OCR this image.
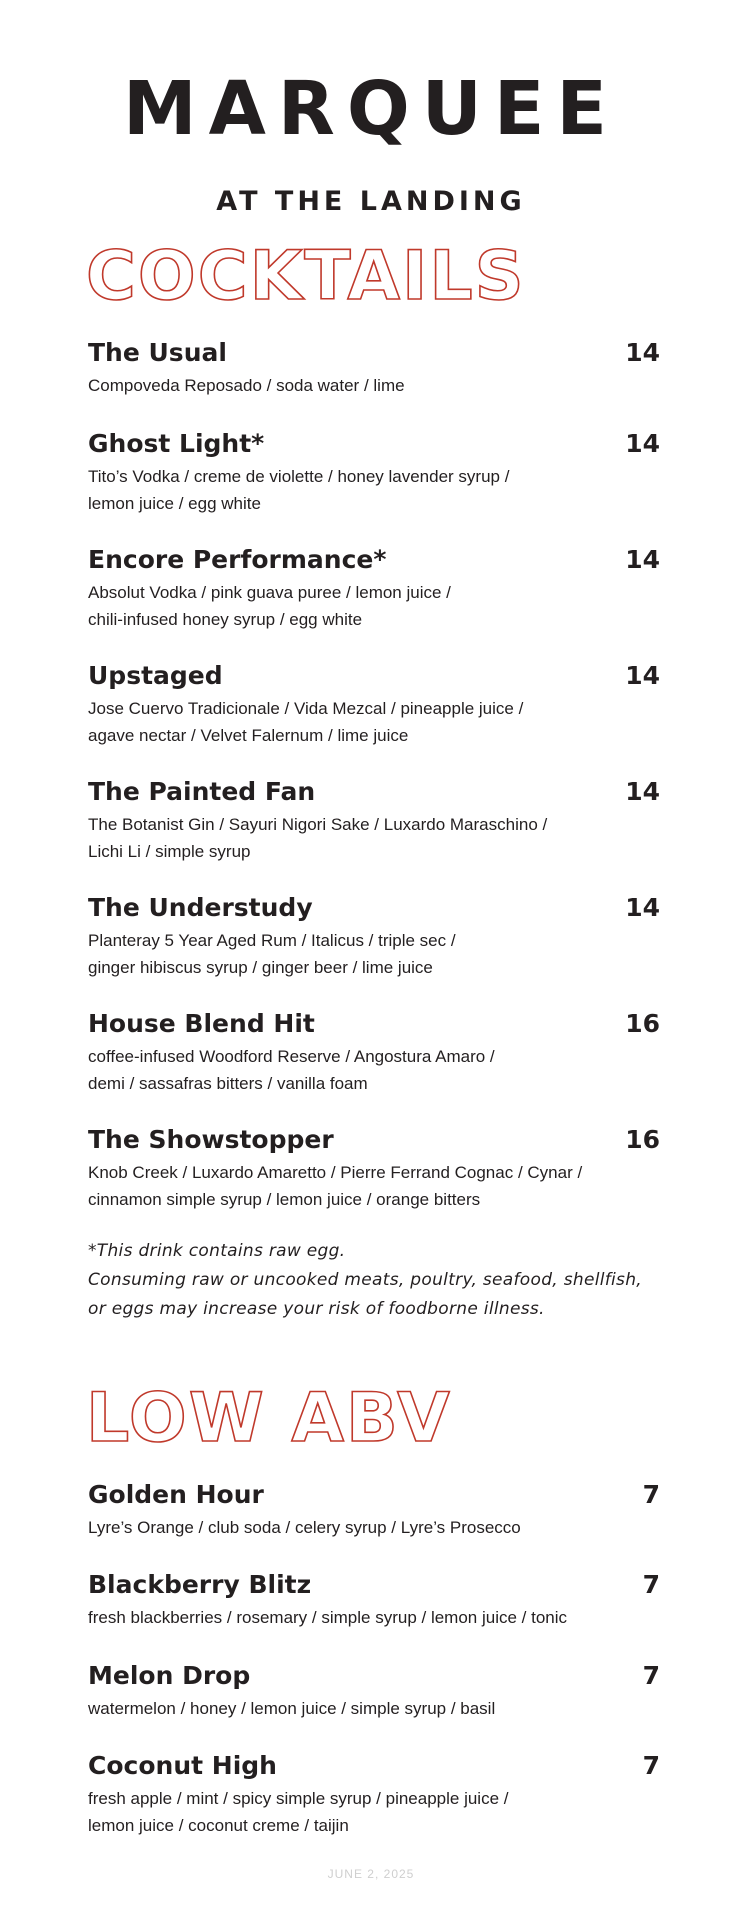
MARQUEE
AT THE LANDING
COCKTAILS
The Usual	14
Compoveda Reposado / soda water / lime
Ghost Light*	14
Tito’s Vodka / creme de violette / honey lavender syrup /
lemon juice / egg white
Encore Performance*	14
Absolut Vodka / pink guava puree / lemon juice /
chili-infused honey syrup / egg white
Upstaged	14
Jose Cuervo Tradicionale / Vida Mezcal / pineapple juice /
agave nectar / Velvet Falernum / lime juice
The Painted Fan	14
The Botanist Gin / Sayuri Nigori Sake / Luxardo Maraschino /
Lichi Li / simple syrup
The Understudy	14
Planteray 5 Year Aged Rum / Italicus / triple sec /
ginger hibiscus syrup / ginger beer / lime juice
House Blend Hit	16
coffee-infused Woodford Reserve / Angostura Amaro /
demi / sassafras bitters / vanilla foam
The Showstopper	16
Knob Creek / Luxardo Amaretto / Pierre Ferrand Cognac / Cynar /
cinnamon simple syrup / lemon juice / orange bitters
*This drink contains raw egg.
Consuming raw or uncooked meats, poultry, seafood, shellfish,
or eggs may increase your risk of foodborne illness.
LOW ABV
Golden Hour	7
Lyre’s Orange / club soda / celery syrup / Lyre’s Prosecco
Blackberry Blitz	7
fresh blackberries / rosemary / simple syrup / lemon juice / tonic
Melon Drop	7
watermelon / honey / lemon juice / simple syrup / basil
Coconut High	7
fresh apple / mint / spicy simple syrup / pineapple juice /
lemon juice / coconut creme / taijin
JUNE 2, 2025
